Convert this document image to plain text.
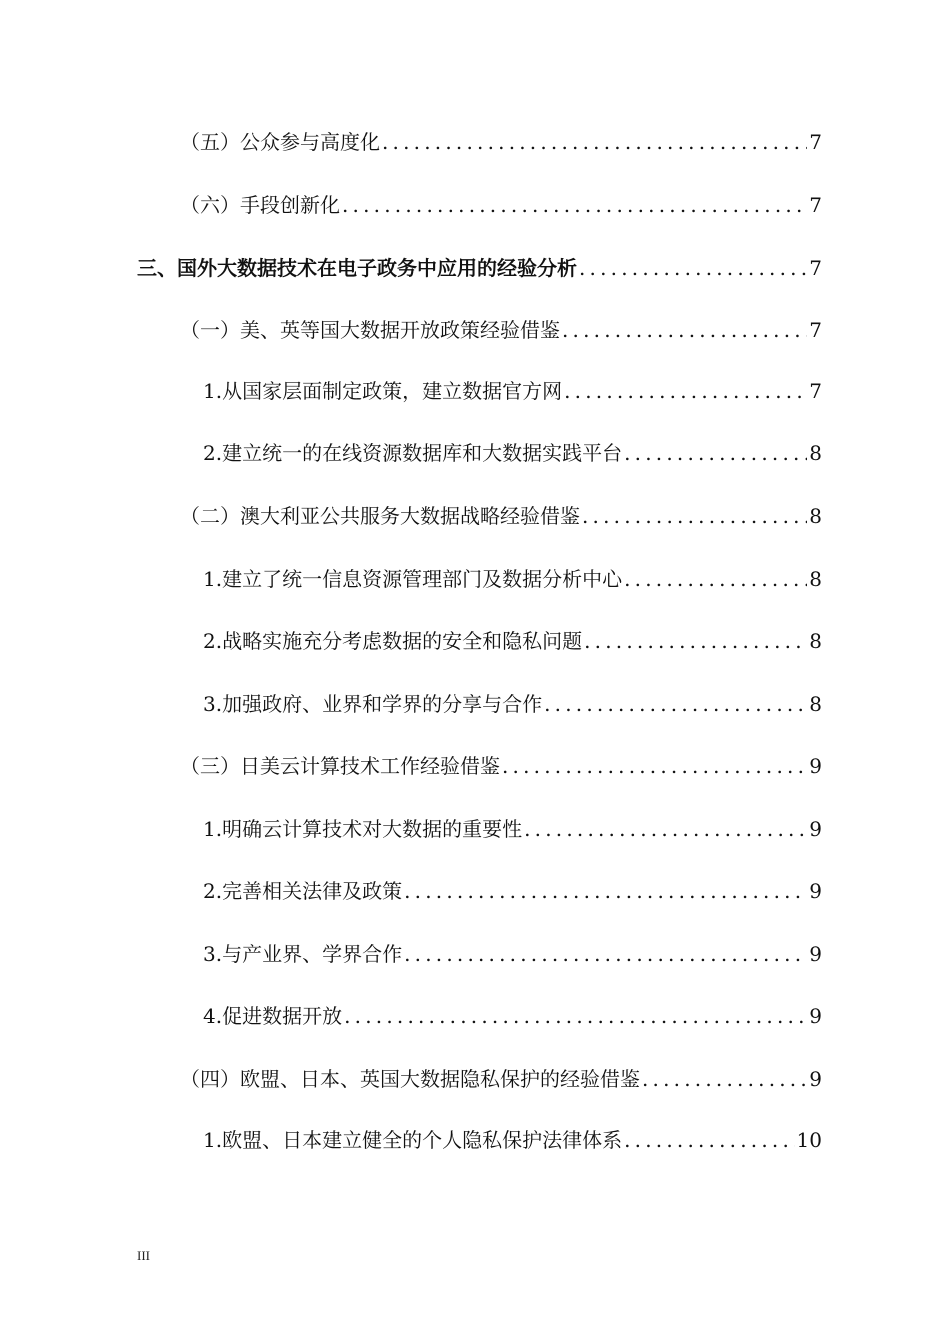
（五）公众参与高度化 .....	7
（六）手段创新化 .....	7
三、国外大数据技术在电子政务中应用的经验分析 .....	7
（一）美、英等国大数据开放政策经验借鉴 .....	7
1.从国家层面制定政策，建立数据官方网 .....	7
2.建立统一的在线资源数据库和大数据实践平台 .....	8
（二）澳大利亚公共服务大数据战略经验借鉴 .....	8
1.建立了统一信息资源管理部门及数据分析中心 .....	8
2.战略实施充分考虑数据的安全和隐私问题 .....	8
3.加强政府、业界和学界的分享与合作 .....	8
（三）日美云计算技术工作经验借鉴 .....	9
1.明确云计算技术对大数据的重要性 .....	9
2.完善相关法律及政策 .....	9
3.与产业界、学界合作 .....	9
4.促进数据开放 .....	9
（四）欧盟、日本、英国大数据隐私保护的经验借鉴 .....	9
1.欧盟、日本建立健全的个人隐私保护法律体系 .....	10
III
